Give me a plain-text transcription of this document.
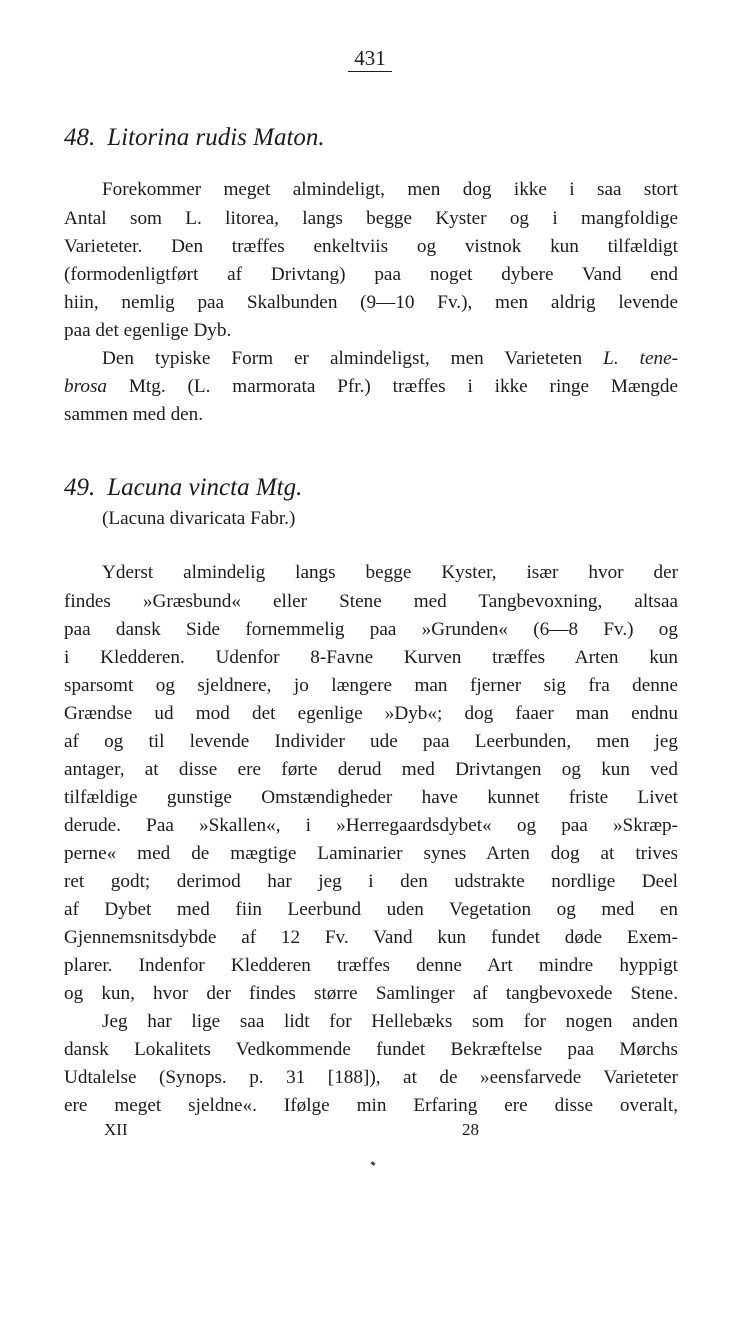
431
48. Litorina rudis Maton.
Forekommer meget almindeligt, men dog ikke i saa stort
Antal som L. litorea, langs begge Kyster og i mangfoldige
Varieteter. Den træffes enkeltviis og vistnok kun tilfældigt
(formodenligtført af Drivtang) paa noget dybere Vand end
hiin, nemlig paa Skalbunden (9—10 Fv.), men aldrig levende
paa det egenlige Dyb.
Den typiske Form er almindeligst, men Varieteten L. tene-
brosa Mtg. (L. marmorata Pfr.) træffes i ikke ringe Mængde
sammen med den.
49. Lacuna vincta Mtg.
(Lacuna divaricata Fabr.)
Yderst almindelig langs begge Kyster, især hvor der
findes »Græsbund« eller Stene med Tangbevoxning, altsaa
paa dansk Side fornemmelig paa »Grunden« (6—8 Fv.) og
i Kledderen. Udenfor 8-Favne Kurven træffes Arten kun
sparsomt og sjeldnere, jo længere man fjerner sig fra denne
Grændse ud mod det egenlige »Dyb«; dog faaer man endnu
af og til levende Individer ude paa Leerbunden, men jeg
antager, at disse ere førte derud med Drivtangen og kun ved
tilfældige gunstige Omstændigheder have kunnet friste Livet
derude. Paa »Skallen«, i »Herregaardsdybet« og paa »Skræp-
perne« med de mægtige Laminarier synes Arten dog at trives
ret godt; derimod har jeg i den udstrakte nordlige Deel
af Dybet med fiin Leerbund uden Vegetation og med en
Gjennemsnitsdybde af 12 Fv. Vand kun fundet døde Exem-
plarer. Indenfor Kledderen træffes denne Art mindre hyppigt
og kun, hvor der findes større Samlinger af tangbevoxede Stene.
Jeg har lige saa lidt for Hellebæks som for nogen anden
dansk Lokalitets Vedkommende fundet Bekræftelse paa Mørchs
Udtalelse (Synops. p. 31 [188]), at de »eensfarvede Varieteter
ere meget sjeldne«. Ifølge min Erfaring ere disse overalt,
XII	28
